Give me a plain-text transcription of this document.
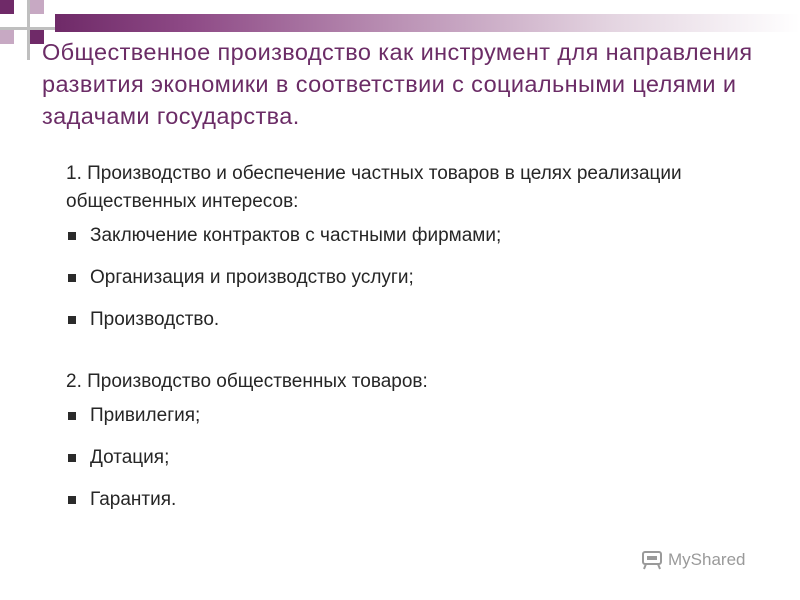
Общественное производство как инструмент для направления развития экономики в соответствии с социальными целями и задачами государства.

1. Производство и обеспечение частных товаров в целях реализации общественных интересов:

Заключение контрактов с частными фирмами;
Организация и производство услуги;
Производство.

2. Производство общественных товаров:

Привилегия;
Дотация;
Гарантия.
MyShared
